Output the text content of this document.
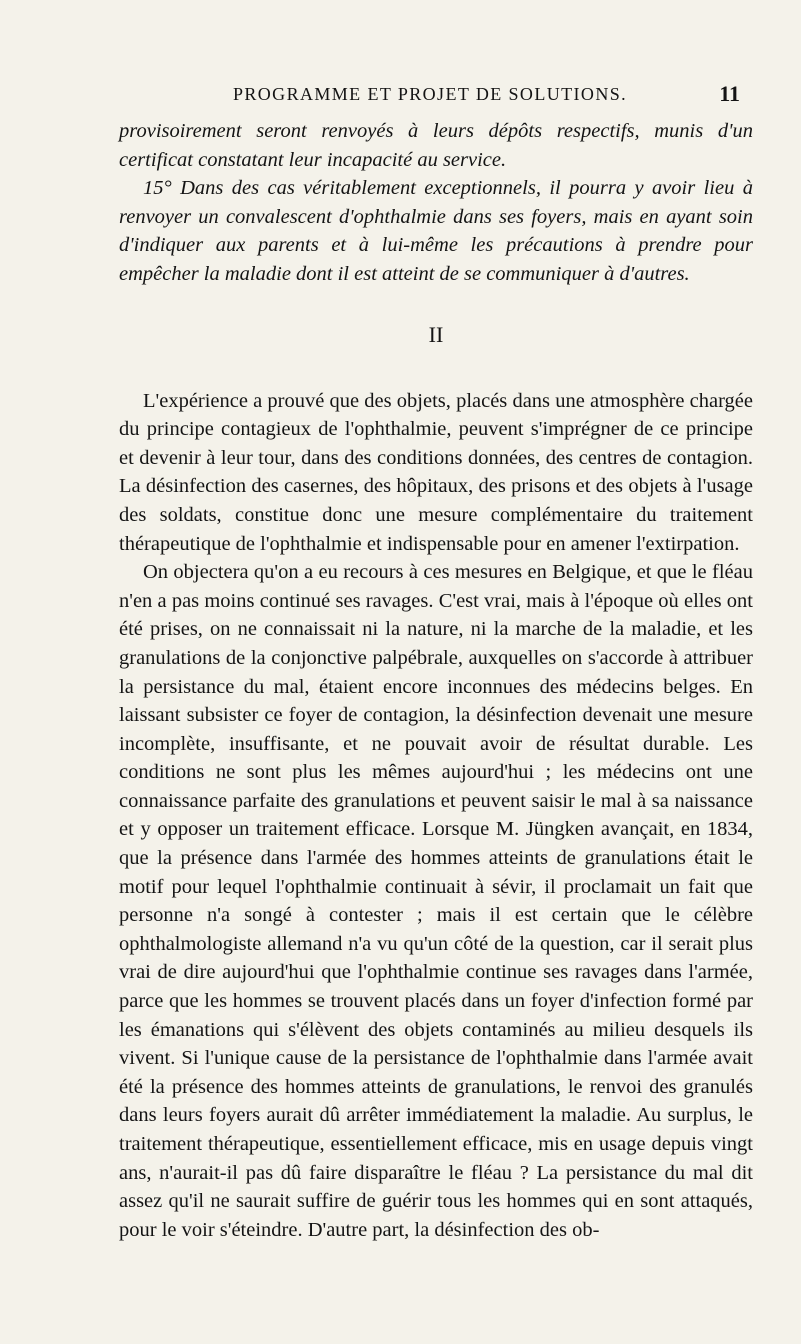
PROGRAMME ET PROJET DE SOLUTIONS.	11

provisoirement seront renvoyés à leurs dépôts respectifs, munis d'un certificat constatant leur incapacité au service.

15° Dans des cas véritablement exceptionnels, il pourra y avoir lieu à renvoyer un convalescent d'ophthalmie dans ses foyers, mais en ayant soin d'indiquer aux parents et à lui-même les précautions à prendre pour empêcher la maladie dont il est atteint de se communiquer à d'autres.

II

L'expérience a prouvé que des objets, placés dans une atmosphère chargée du principe contagieux de l'ophthalmie, peuvent s'imprégner de ce principe et devenir à leur tour, dans des conditions données, des centres de contagion. La désinfection des casernes, des hôpitaux, des prisons et des objets à l'usage des soldats, constitue donc une mesure complémentaire du traitement thérapeutique de l'ophthalmie et indispensable pour en amener l'extirpation.

On objectera qu'on a eu recours à ces mesures en Belgique, et que le fléau n'en a pas moins continué ses ravages. C'est vrai, mais à l'époque où elles ont été prises, on ne connaissait ni la nature, ni la marche de la maladie, et les granulations de la conjonctive palpébrale, auxquelles on s'accorde à attribuer la persistance du mal, étaient encore inconnues des médecins belges. En laissant subsister ce foyer de contagion, la désinfection devenait une mesure incomplète, insuffisante, et ne pouvait avoir de résultat durable. Les conditions ne sont plus les mêmes aujourd'hui ; les médecins ont une connaissance parfaite des granulations et peuvent saisir le mal à sa naissance et y opposer un traitement efficace. Lorsque M. Jüngken avançait, en 1834, que la présence dans l'armée des hommes atteints de granulations était le motif pour lequel l'ophthalmie continuait à sévir, il proclamait un fait que personne n'a songé à contester ; mais il est certain que le célèbre ophthalmologiste allemand n'a vu qu'un côté de la question, car il serait plus vrai de dire aujourd'hui que l'ophthalmie continue ses ravages dans l'armée, parce que les hommes se trouvent placés dans un foyer d'infection formé par les émanations qui s'élèvent des objets contaminés au milieu desquels ils vivent. Si l'unique cause de la persistance de l'ophthalmie dans l'armée avait été la présence des hommes atteints de granulations, le renvoi des granulés dans leurs foyers aurait dû arrêter immédiatement la maladie. Au surplus, le traitement thérapeutique, essentiellement efficace, mis en usage depuis vingt ans, n'aurait-il pas dû faire disparaître le fléau ? La persistance du mal dit assez qu'il ne saurait suffire de guérir tous les hommes qui en sont attaqués, pour le voir s'éteindre. D'autre part, la désinfection des ob-
